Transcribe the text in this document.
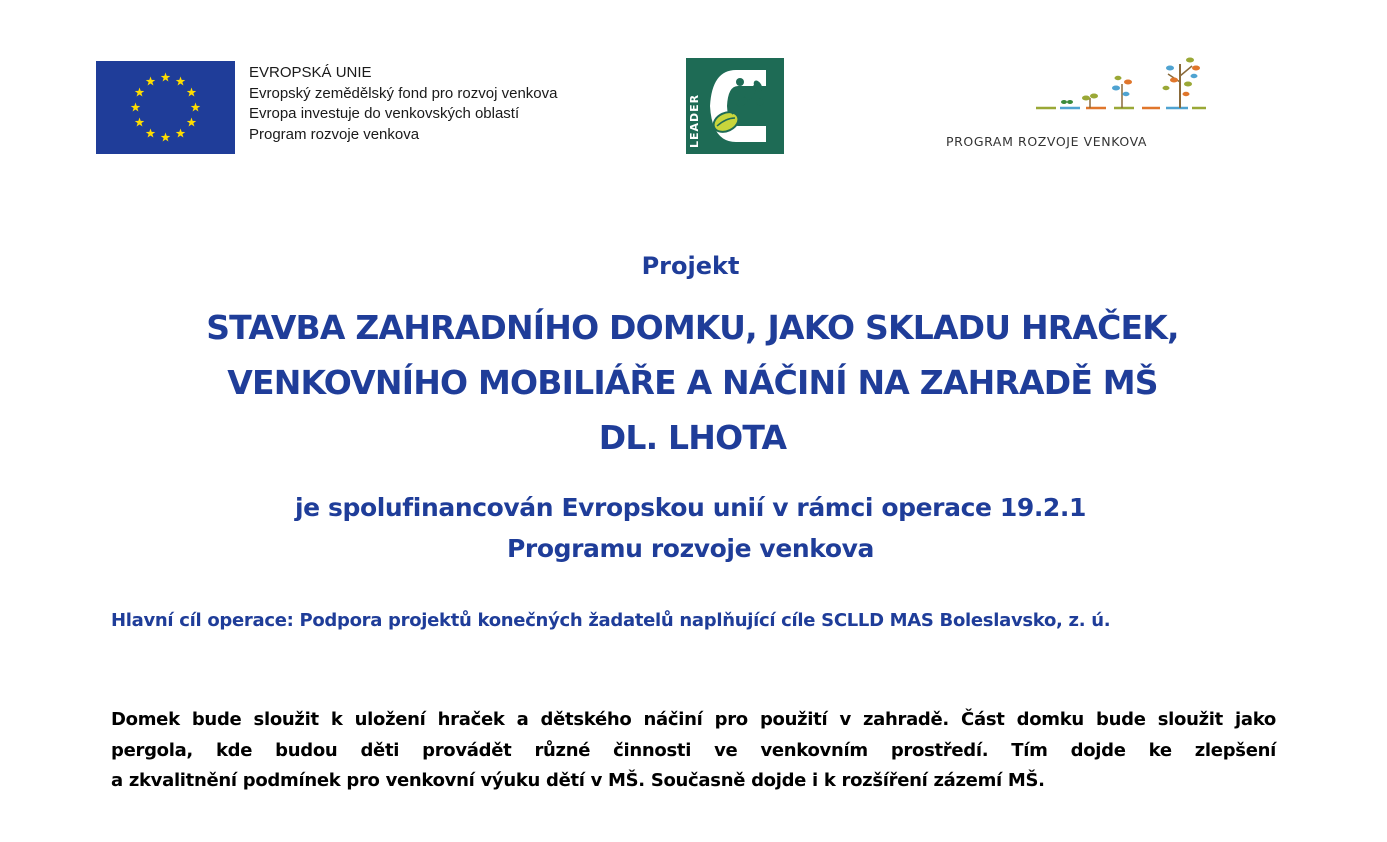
EVROPSKÁ UNIE
Evropský zemědělský fond pro rozvoj venkova
Evropa investuje do venkovských oblastí
Program rozvoje venkova	LEADER	PROGRAM ROZVOJE VENKOVA
Projekt
STAVBA ZAHRADNÍHO DOMKU, JAKO SKLADU HRAČEK,
VENKOVNÍHO MOBILIÁŘE A NÁČINÍ NA ZAHRADĚ MŠ
DL. LHOTA
je spolufinancován Evropskou unií v rámci operace 19.2.1
Programu rozvoje venkova
Hlavní cíl operace: Podpora projektů konečných žadatelů naplňující cíle SCLLD MAS Boleslavsko, z. ú.
Domek bude sloužit k uložení hraček a dětského náčiní pro použití v zahradě. Část domku bude sloužit jako
pergola, kde budou děti provádět různé činnosti ve venkovním prostředí. Tím dojde ke zlepšení
a zkvalitnění podmínek pro venkovní výuku dětí v MŠ. Současně dojde i k rozšíření zázemí MŠ.
